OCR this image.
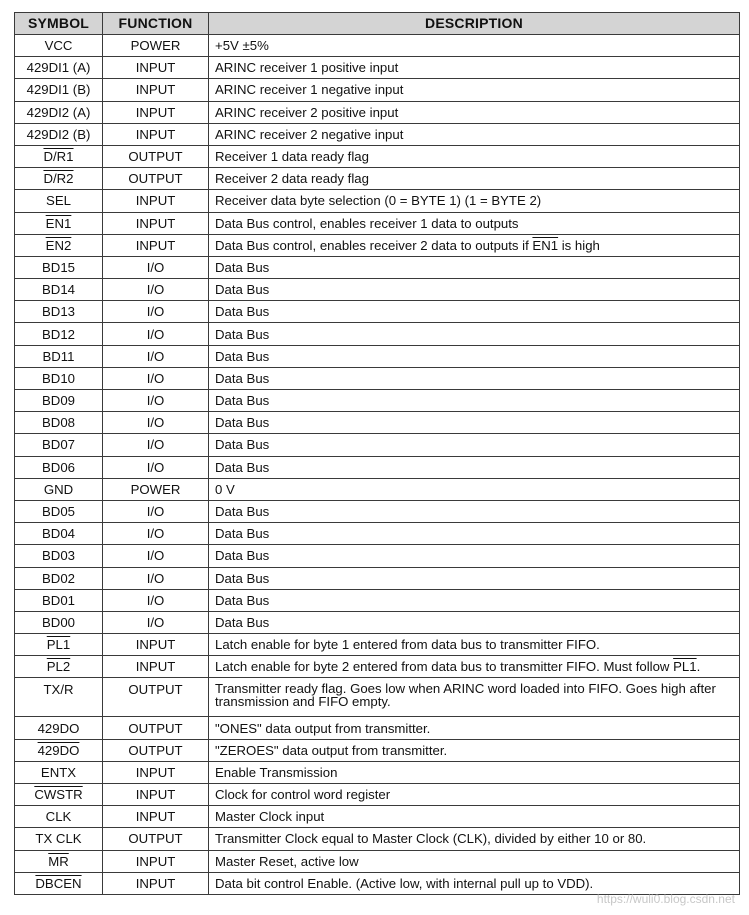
SYMBOL	FUNCTION	DESCRIPTION
VCC	POWER	+5V ±5%
429DI1 (A)	INPUT	ARINC receiver 1 positive input
429DI1 (B)	INPUT	ARINC receiver 1 negative input
429DI2 (A)	INPUT	ARINC receiver 2 positive input
429DI2 (B)	INPUT	ARINC receiver 2 negative input
D/R1	OUTPUT	Receiver 1 data ready flag
D/R2	OUTPUT	Receiver 2 data ready flag
SEL	INPUT	Receiver data byte selection (0 = BYTE 1) (1 = BYTE 2)
EN1	INPUT	Data Bus control, enables receiver 1 data to outputs
EN2	INPUT	Data Bus control, enables receiver 2 data to outputs if EN1 is high
BD15	I/O	Data Bus
BD14	I/O	Data Bus
BD13	I/O	Data Bus
BD12	I/O	Data Bus
BD11	I/O	Data Bus
BD10	I/O	Data Bus
BD09	I/O	Data Bus
BD08	I/O	Data Bus
BD07	I/O	Data Bus
BD06	I/O	Data Bus
GND	POWER	0 V
BD05	I/O	Data Bus
BD04	I/O	Data Bus
BD03	I/O	Data Bus
BD02	I/O	Data Bus
BD01	I/O	Data Bus
BD00	I/O	Data Bus
PL1	INPUT	Latch enable for byte 1 entered from data bus to transmitter FIFO.
PL2	INPUT	Latch enable for byte 2 entered from data bus to transmitter FIFO. Must follow PL1.
TX/R	OUTPUT	Transmitter ready flag. Goes low when ARINC word loaded into FIFO. Goes high after transmission and FIFO empty.
429DO	OUTPUT	"ONES" data output from transmitter.
429DO	OUTPUT	"ZEROES" data output from transmitter.
ENTX	INPUT	Enable Transmission
CWSTR	INPUT	Clock for control word register
CLK	INPUT	Master Clock input
TX CLK	OUTPUT	Transmitter Clock equal to Master Clock (CLK), divided by either 10 or 80.
$\overline{MR}$	INPUT	Master Reset, active low
DBCEN	INPUT	Data bit control Enable. (Active low, with internal pull up to VDD).
https://wuli0.blog.csdn.net
